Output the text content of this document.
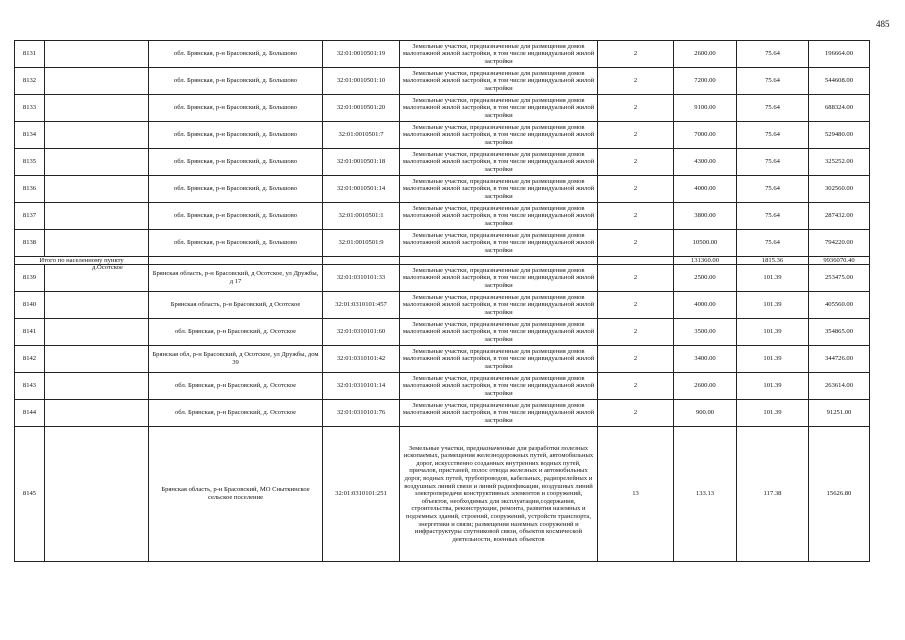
485
8131		обл. Брянская, р-н Брасовский, д. Большово	32:01:0010501:19	Земельные участки, предназначенные для размещения домов малоэтажной жилой застройки, в том числе индивидуальной жилой застройки	2	2600.00	75.64	196664.00
8132		обл. Брянская, р-н Брасовский, д. Большово	32:01:0010501:10	Земельные участки, предназначенные для размещения домов малоэтажной жилой застройки, в том числе индивидуальной жилой застройки	2	7200.00	75.64	544608.00
8133		обл. Брянская, р-н Брасовский, д. Большово	32:01:0010501:20	Земельные участки, предназначенные для размещения домов малоэтажной жилой застройки, в том числе индивидуальной жилой застройки	2	9100.00	75.64	688324.00
8134		обл. Брянская, р-н Брасовский, д. Большово	32:01:0010501:7	Земельные участки, предназначенные для размещения домов малоэтажной жилой застройки, в том числе индивидуальной жилой застройки	2	7000.00	75.64	529480.00
8135		обл. Брянская, р-н Брасовский, д. Большово	32:01:0010501:18	Земельные участки, предназначенные для размещения домов малоэтажной жилой застройки, в том числе индивидуальной жилой застройки	2	4300.00	75.64	325252.00
8136		обл. Брянская, р-н Брасовский, д. Большово	32:01:0010501:14	Земельные участки, предназначенные для размещения домов малоэтажной жилой застройки, в том числе индивидуальной жилой застройки	2	4000.00	75.64	302560.00
8137		обл. Брянская, р-н Брасовский, д. Большово	32:01:0010501:1	Земельные участки, предназначенные для размещения домов малоэтажной жилой застройки, в том числе индивидуальной жилой застройки	2	3800.00	75.64	287432.00
8138		обл. Брянская, р-н Брасовский, д. Большово	32:01:0010501:9	Земельные участки, предназначенные для размещения домов малоэтажной жилой застройки, в том числе индивидуальной жилой застройки	2	10500.00	75.64	794220.00
Итого по населенному пункту						131360.00	1815.36	9936070.40
8139	д.Осотское	Брянская область, р-н Брасовский, д Осотское, ул Дружбы, д 17	32:01:0310101:33	Земельные участки, предназначенные для размещения домов малоэтажной жилой застройки, в том числе индивидуальной жилой застройки	2	2500.00	101.39	253475.00
8140		Брянская область, р-н Брасовский, д Осотское	32:01:0310101:457	Земельные участки, предназначенные для размещения домов малоэтажной жилой застройки, в том числе индивидуальной жилой застройки	2	4000.00	101.39	405560.00
8141		обл. Брянская, р-н Брасовский, д. Осотское	32:01:0310101:60	Земельные участки, предназначенные для размещения домов малоэтажной жилой застройки, в том числе индивидуальной жилой застройки	2	3500.00	101.39	354865.00
8142		Брянская обл, р-н Брасовский, д Осотское, ул Дружбы, дом 39	32:01:0310101:42	Земельные участки, предназначенные для размещения домов малоэтажной жилой застройки, в том числе индивидуальной жилой застройки	2	3400.00	101.39	344726.00
8143		обл. Брянская, р-н Брасовский, д. Осотское	32:01:0310101:14	Земельные участки, предназначенные для размещения домов малоэтажной жилой застройки, в том числе индивидуальной жилой застройки	2	2600.00	101.39	263614.00
8144		обл. Брянская, р-н Брасовский, д. Осотское	32:01:0310101:76	Земельные участки, предназначенные для размещения домов малоэтажной жилой застройки, в том числе индивидуальной жилой застройки	2	900.00	101.39	91251.00
8145		Брянская область, р-н Брасовский, МО Сныткинское сельское поселение	32:01:0310101:251	Земельные участки, предназначенные для разработки полезных ископаемых, размещения железнодорожных путей, автомобильных дорог, искусственно созданных внутренних водных путей, причалов, пристаней, полос отвода железных и автомобильных дорог, водных путей, трубопроводов, кабельных, радиорелейных и воздушных линий связи и линий радиофикации, воздушных линий электропередачи конструктивных элементов и сооружений, объектов, необходимых для эксплуатации,содержания, строительства, реконструкции, ремонта, развития наземных и подземных зданий, строений, сооружений, устройств транспорта, энергетики и связи; размещения наземных сооружений и инфраструктуры спутниковой связи, объектов космической деятельности, военных объектов	13	133.13	117.38	15626.80
